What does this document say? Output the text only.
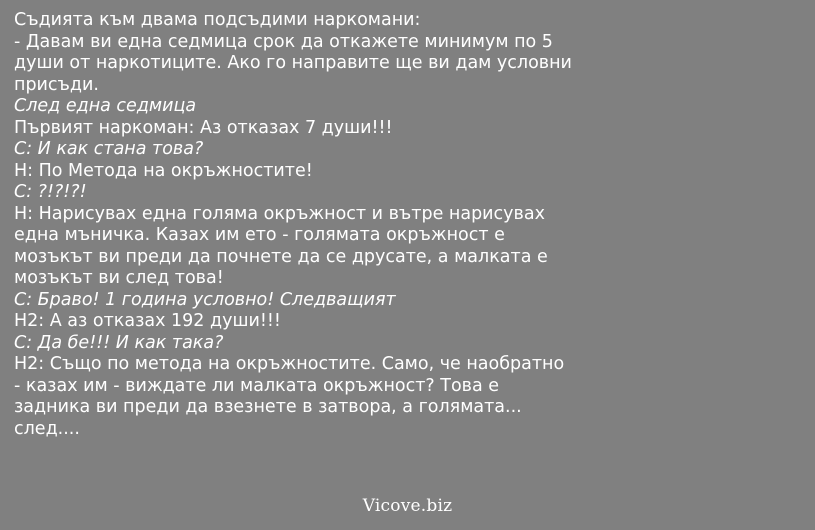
Съдията към двама подсъдими наркомани:
- Давам ви една седмица срок да откажете минимум по 5 души от наркотиците. Ако го направите ще ви дам условни присъди.
След една седмица
Първият наркоман: Аз отказах 7 души!!!
С: И как стана това?
Н: По Метода на окръжностите!
С: ?!?!?!
Н: Нарисувах една голяма окръжност и вътре нарисувах една мъничка. Казах им ето - голямата окръжност е мозъкът ви преди да почнете да се друсате, а малката е мозъкът ви след това!
С: Браво! 1 година условно! Следващият
Н2: А аз отказах 192 души!!!
С: Да бе!!! И как така?
Н2: Също по метода на окръжностите. Само, че наобратно - казах им - виждате ли малката окръжност? Това е задника ви преди да взезнете в затвора, а голямата... след....
Vicove.biz
